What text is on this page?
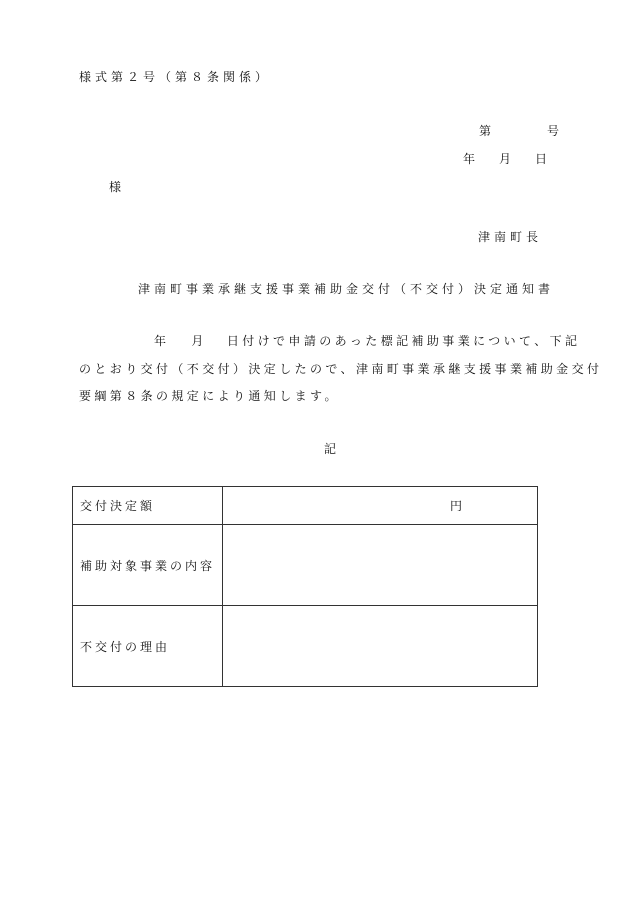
様式第２号（第８条関係）
第	号
年 月 日
様
津南町長
津南町事業承継支援事業補助金交付（不交付）決定通知書
年 月 日付けで申請のあった標記補助事業について、下記
のとおり交付（不交付）決定したので、津南町事業承継支援事業補助金交付
要綱第８条の規定により通知します。
記
交付決定額	円
補助対象事業の内容	
不交付の理由	
